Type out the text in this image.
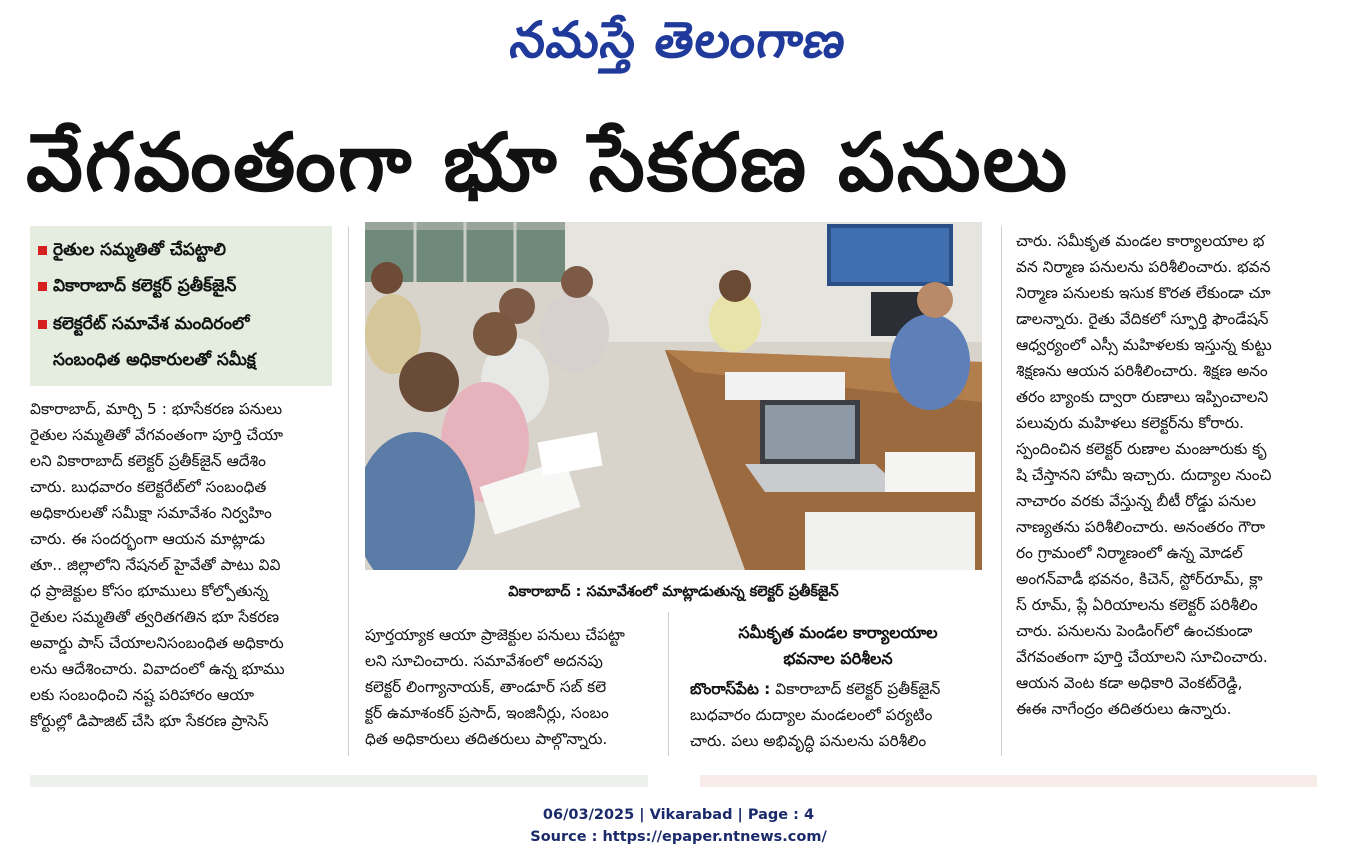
నమస్తే తెలంగాణ
వేగవంతంగా భూ సేకరణ పనులు
రైతుల సమ్మతితో చేపట్టాలి
వికారాబాద్ కలెక్టర్ ప్రతీక్‌జైన్
కలెక్టరేట్ సమావేశ మందిరంలో
సంబంధిత అధికారులతో సమీక్ష

వికారాబాద్, మార్చి 5 : భూసేకరణ పనులు

రైతుల సమ్మతితో వేగవంతంగా పూర్తి చేయా

లని వికారాబాద్ కలెక్టర్ ప్రతీక్‌జైన్ ఆదేశిం

చారు. బుధవారం కలెక్టరేట్‌లో సంబంధిత

అధికారులతో సమీక్షా సమావేశం నిర్వహిం

చారు. ఈ సందర్భంగా ఆయన మాట్లాడు

తూ.. జిల్లాలోని నేషనల్ హైవేతో పాటు వివి

ధ ప్రాజెక్టుల కోసం భూములు కోల్పోతున్న

రైతుల సమ్మతితో త్వరితగతిన భూ సేకరణ

అవార్డు పాస్ చేయాలనిసంబంధిత అధికారు

లను ఆదేశించారు. వివాదంలో ఉన్న భూము

లకు సంబంధించి నష్ట పరిహారం ఆయా

కోర్టుల్లో డిపాజిట్ చేసి భూ సేకరణ ప్రాసెస్

వికారాబాద్ : సమావేశంలో మాట్లాడుతున్న కలెక్టర్ ప్రతీక్‌జైన్

పూర్తయ్యాక ఆయా ప్రాజెక్టుల పనులు చేపట్టా

లని సూచించారు. సమావేశంలో అదనపు

కలెక్టర్ లింగ్యానాయక్, తాండూర్ సబ్ కలె

క్టర్ ఉమాశంకర్ ప్రసాద్, ఇంజినీర్లు, సంబం

ధిత అధికారులు తదితరులు పాల్గొన్నారు.

సమీకృత మండల కార్యాలయాల
భవనాల పరిశీలన

బొంరాస్‌పేట : వికారాబాద్ కలెక్టర్ ప్రతీక్‌జైన్

బుధవారం దుద్యాల మండలంలో పర్యటిం

చారు. పలు అభివృద్ధి పనులను పరిశీలిం

చారు. సమీకృత మండల కార్యాలయాల భ

వన నిర్మాణ పనులను పరిశీలించారు. భవన

నిర్మాణ పనులకు ఇసుక కొరత లేకుండా చూ

డాలన్నారు. రైతు వేదికలో స్ఫూర్తి ఫౌండేషన్

ఆధ్వర్యంలో ఎస్సీ మహిళలకు ఇస్తున్న కుట్టు

శిక్షణను ఆయన పరిశీలించారు. శిక్షణ అనం

తరం బ్యాంకు ద్వారా రుణాలు ఇప్పించాలని

పలువురు మహిళలు కలెక్టర్‌ను కోరారు.

స్పందించిన కలెక్టర్ రుణాల మంజూరుకు కృ

షి చేస్తానని హామీ ఇచ్చారు. దుద్యాల నుంచి

నాచారం వరకు వేస్తున్న బీటీ రోడ్డు పనుల

నాణ్యతను పరిశీలించారు. అనంతరం గౌరా

రం గ్రామంలో నిర్మాణంలో ఉన్న మోడల్

అంగన్‌వాడీ భవనం, కిచెన్, స్టోర్‌రూమ్, క్లా

స్ రూమ్, ప్లే ఏరియాలను కలెక్టర్ పరిశీలిం

చారు. పనులను పెండింగ్‌లో ఉంచకుండా

వేగవంతంగా పూర్తి చేయాలని సూచించారు.

ఆయన వెంట కడా అధికారి వెంకట్‌రెడ్డి,

ఈఈ నాగేంద్రం తదితరులు ఉన్నారు.

06/03/2025 | Vikarabad | Page : 4
Source : https://epaper.ntnews.com/
